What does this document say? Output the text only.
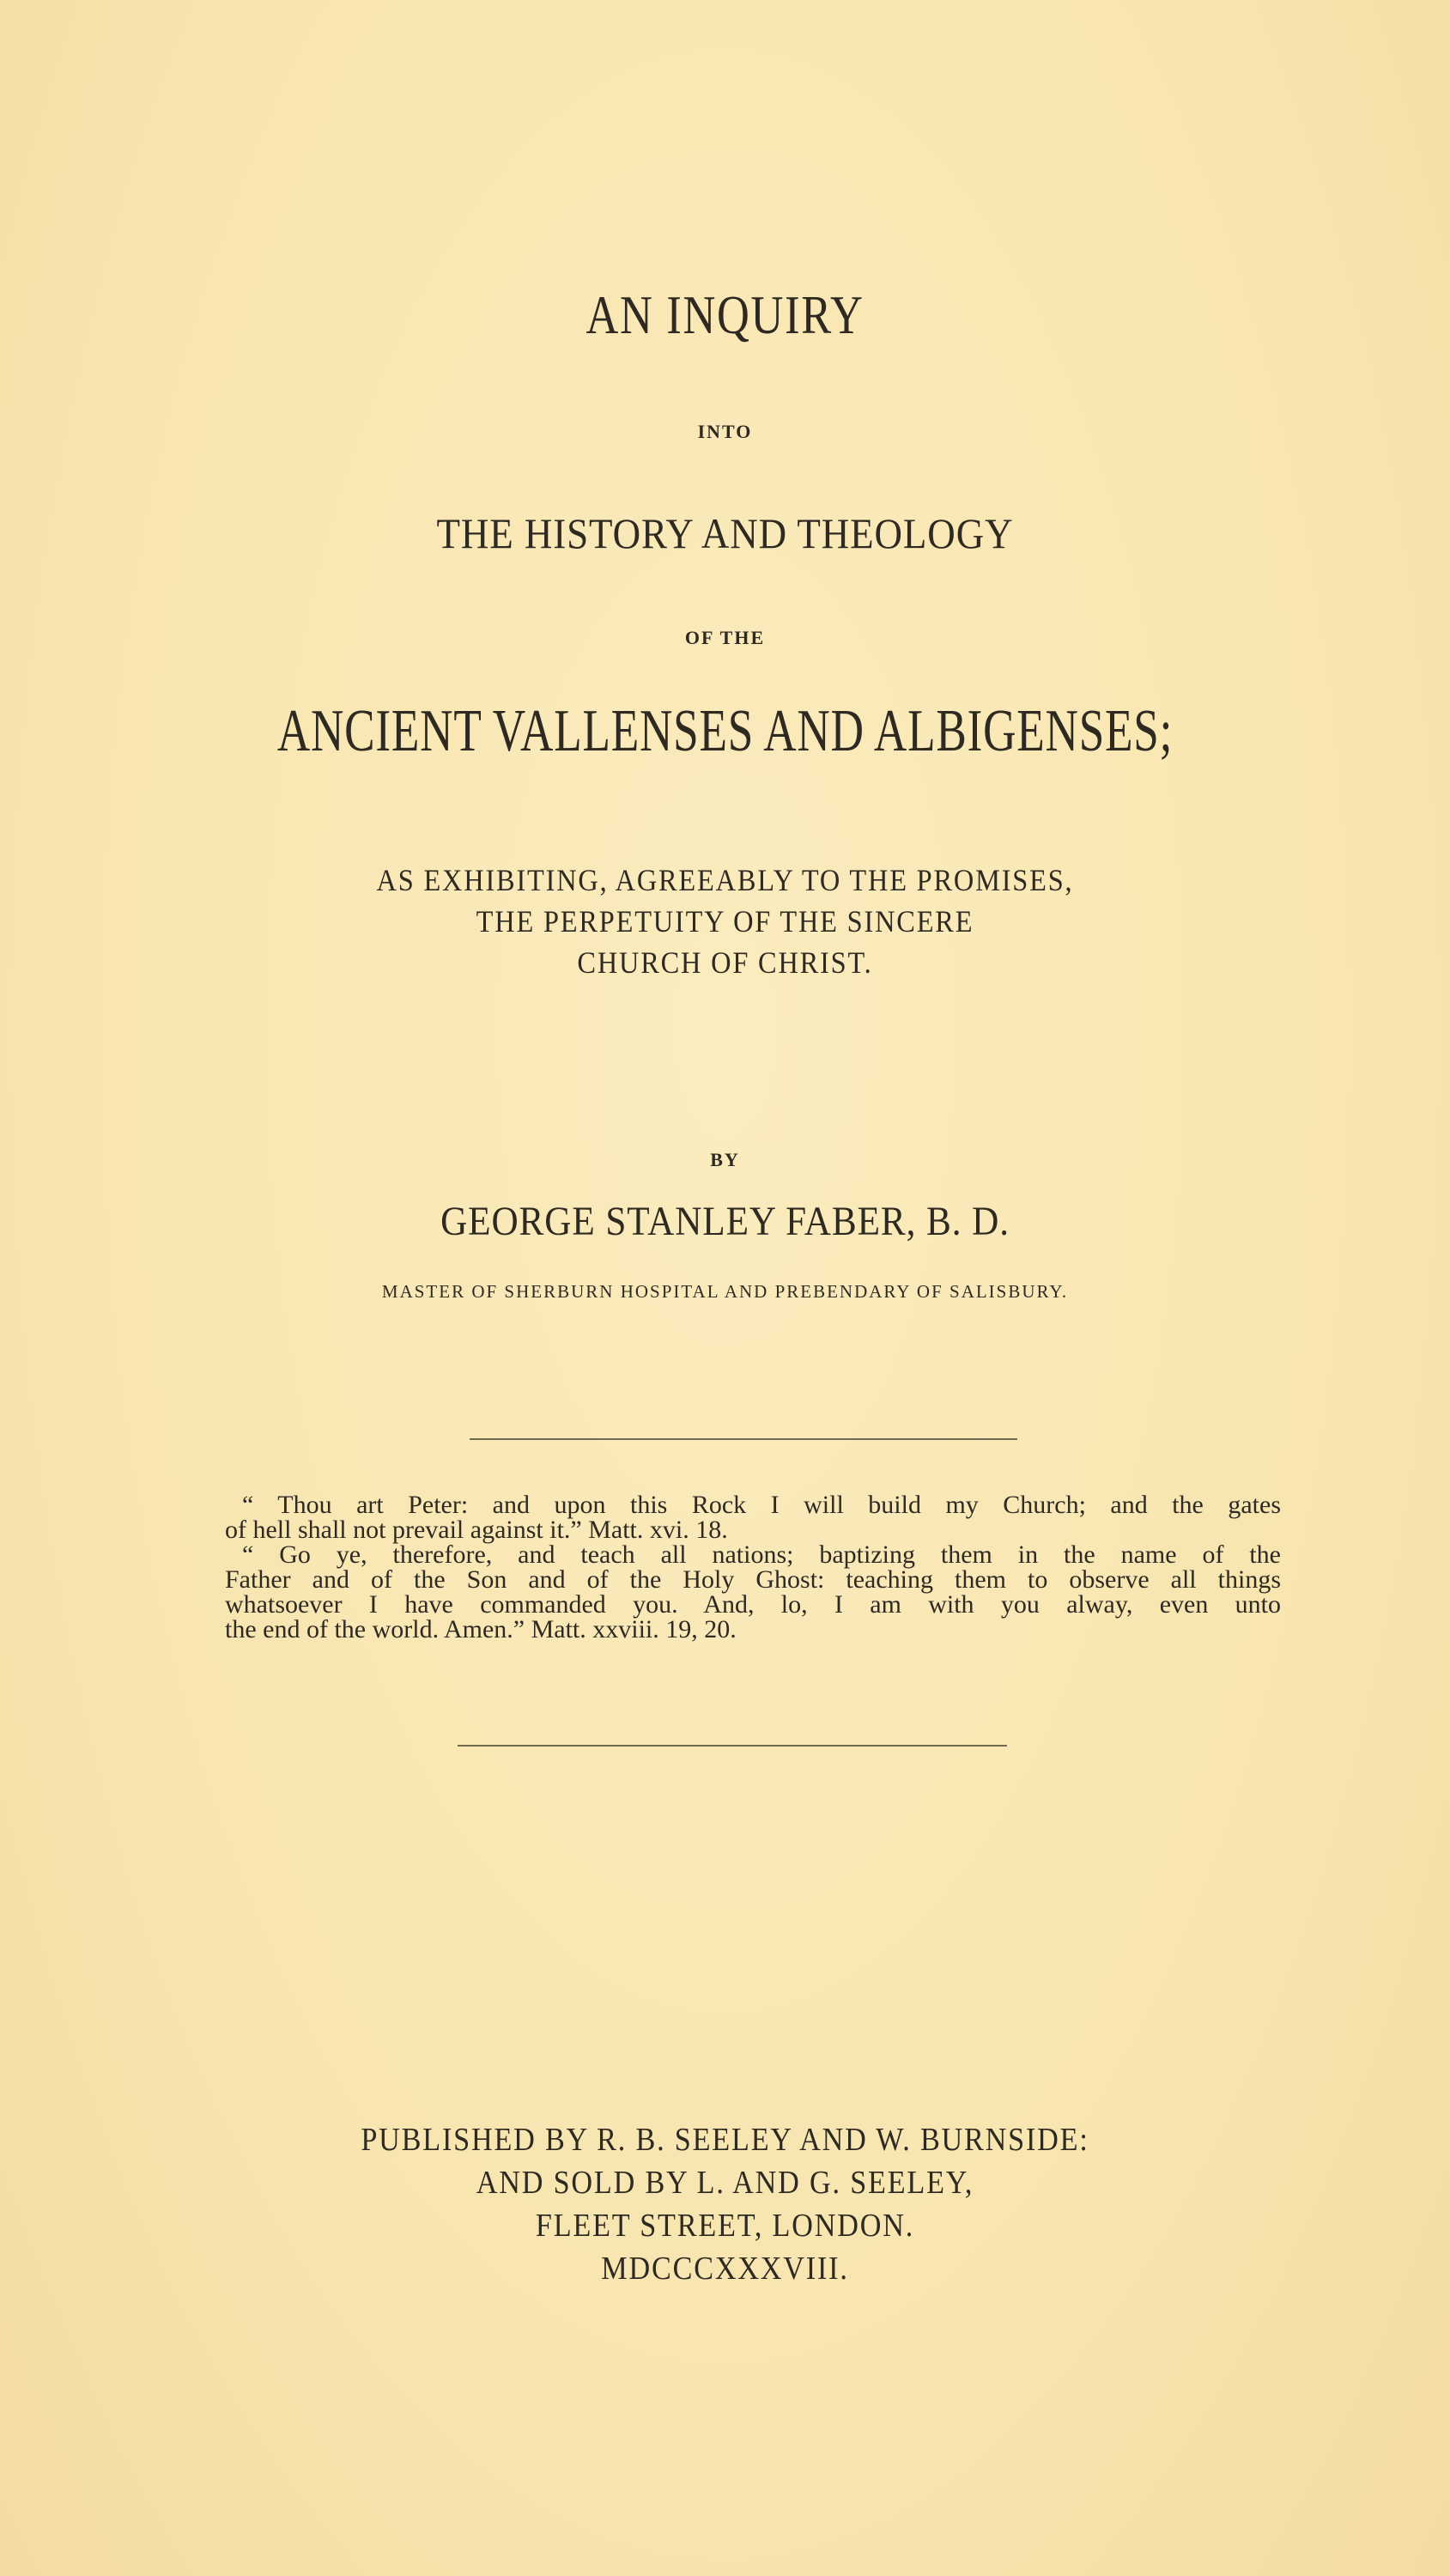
AN INQUIRY
INTO
THE HISTORY AND THEOLOGY
OF THE
ANCIENT VALLENSES AND ALBIGENSES;
AS EXHIBITING, AGREEABLY TO THE PROMISES,
THE PERPETUITY OF THE SINCERE
CHURCH OF CHRIST.
BY
GEORGE STANLEY FABER, B. D.
MASTER OF SHERBURN HOSPITAL AND PREBENDARY OF SALISBURY.

“ Thou art Peter: and upon this Rock I will build my Church; and the gates
of hell shall not prevail against it.” Matt. xvi. 18.

“ Go ye, therefore, and teach all nations; baptizing them in the name of the
Father and of the Son and of the Holy Ghost: teaching them to observe all things
whatsoever I have commanded you. And, lo, I am with you alway, even unto
the end of the world. Amen.” Matt. xxviii. 19, 20.

PUBLISHED BY R. B. SEELEY AND W. BURNSIDE:
AND SOLD BY L. AND G. SEELEY,
FLEET STREET, LONDON.
MDCCCXXXVIII.
